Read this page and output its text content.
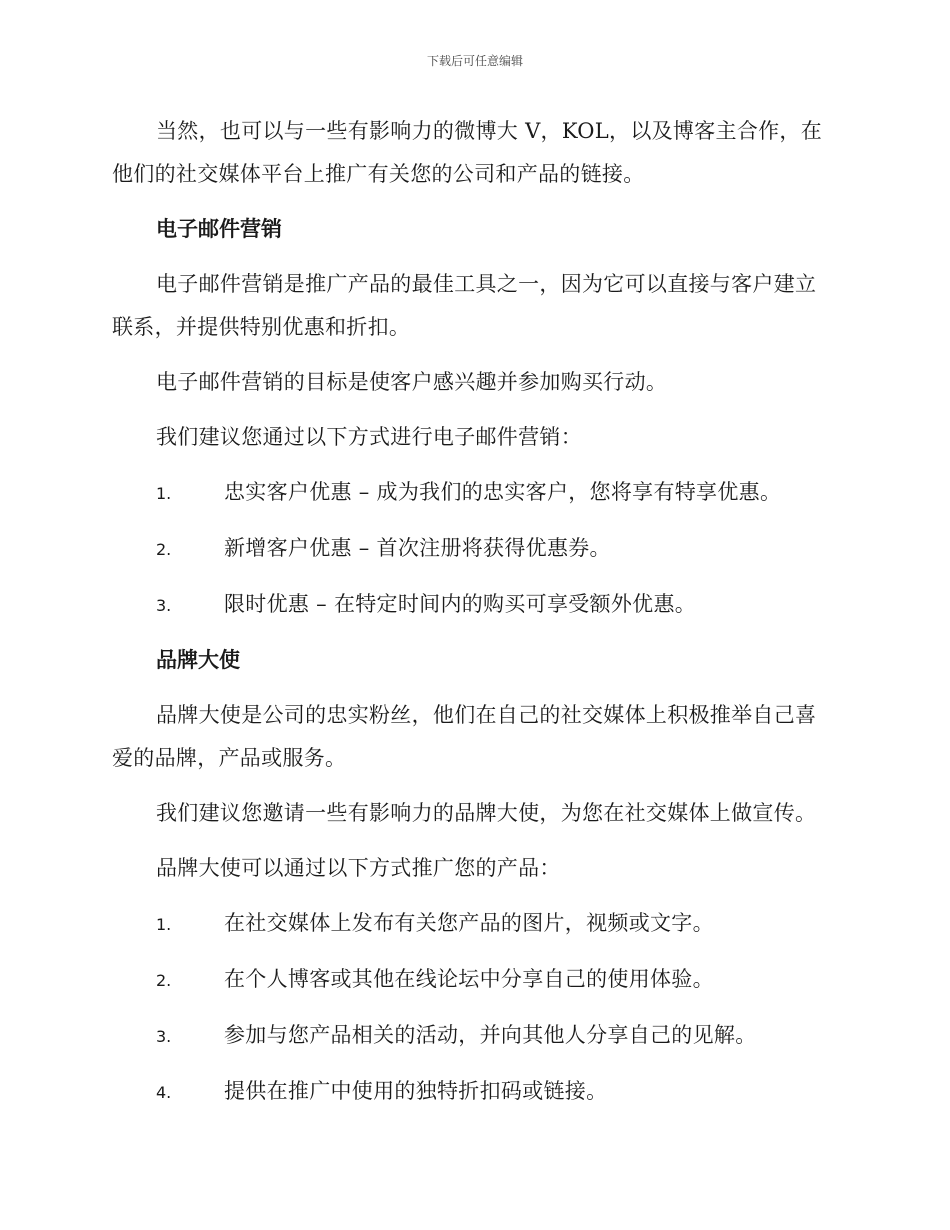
下载后可任意编辑

当然，也可以与一些有影响力的微博大 V，KOL，以及博客主合作，在他们的社交媒体平台上推广有关您的公司和产品的链接。

电子邮件营销

电子邮件营销是推广产品的最佳工具之一，因为它可以直接与客户建立联系，并提供特别优惠和折扣。

电子邮件营销的目标是使客户感兴趣并参加购买行动。

我们建议您通过以下方式进行电子邮件营销：

1.	忠实客户优惠 – 成为我们的忠实客户，您将享有特享优惠。
2.	新增客户优惠 – 首次注册将获得优惠券。
3.	限时优惠 – 在特定时间内的购买可享受额外优惠。
品牌大使

品牌大使是公司的忠实粉丝，他们在自己的社交媒体上积极推举自己喜爱的品牌，产品或服务。

我们建议您邀请一些有影响力的品牌大使，为您在社交媒体上做宣传。

品牌大使可以通过以下方式推广您的产品：

1.	在社交媒体上发布有关您产品的图片，视频或文字。
2.	在个人博客或其他在线论坛中分享自己的使用体验。
3.	参加与您产品相关的活动，并向其他人分享自己的见解。
4.	提供在推广中使用的独特折扣码或链接。
